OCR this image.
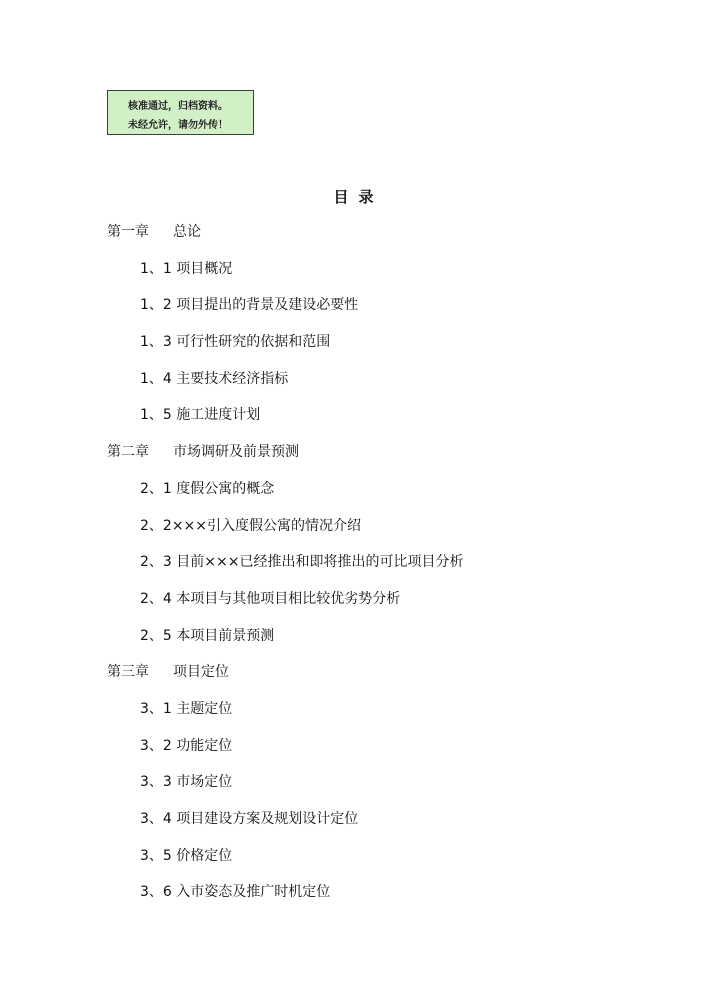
核准通过，归档资料。
未经允许，请勿外传！
目录
第一章 总论
1、1 项目概况
1、2 项目提出的背景及建设必要性
1、3 可行性研究的依据和范围
1、4 主要技术经济指标
1、5 施工进度计划
第二章 市场调研及前景预测
2、1 度假公寓的概念
2、2×××引入度假公寓的情况介绍
2、3 目前×××已经推出和即将推出的可比项目分析
2、4 本项目与其他项目相比较优劣势分析
2、5 本项目前景预测
第三章 项目定位
3、1 主题定位
3、2 功能定位
3、3 市场定位
3、4 项目建设方案及规划设计定位
3、5 价格定位
3、6 入市姿态及推广时机定位
